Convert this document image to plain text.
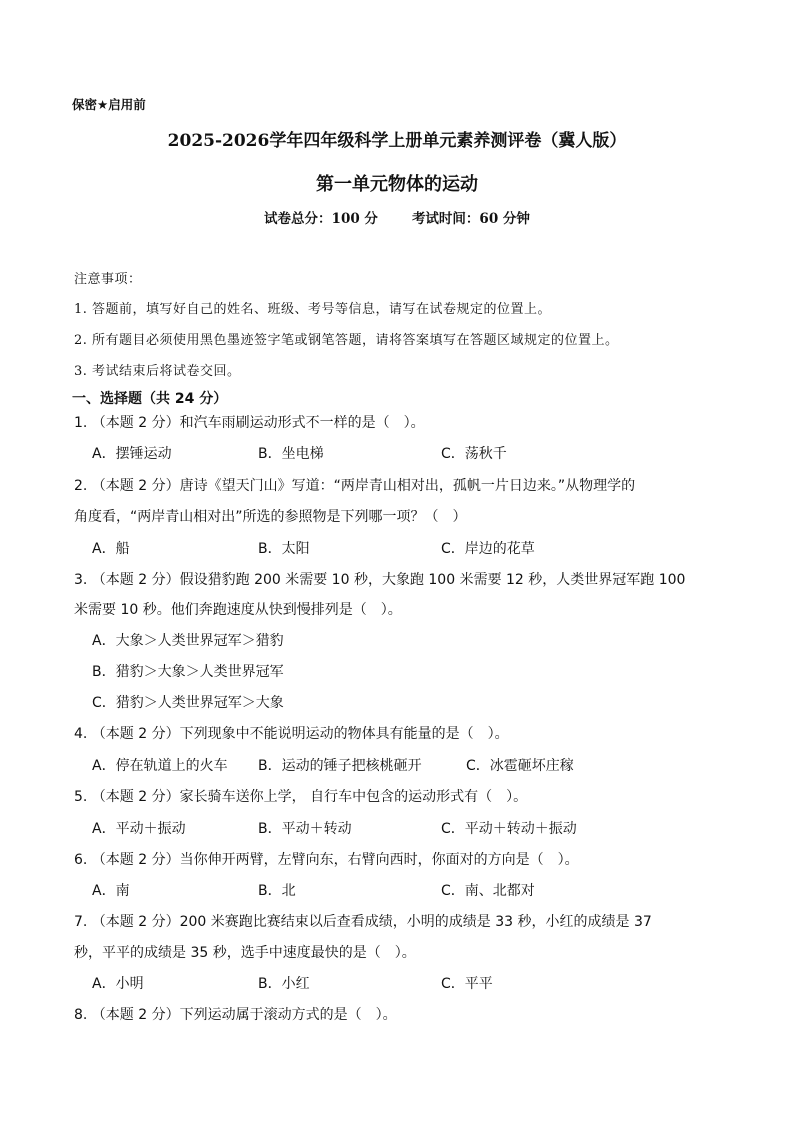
保密★启用前
2025-2026学年四年级科学上册单元素养测评卷（冀人版）
第一单元物体的运动
试卷总分：100 分	考试时间：60 分钟
注意事项：
1. 答题前，填写好自己的姓名、班级、考号等信息，请写在试卷规定的位置上。
2. 所有题目必须使用黑色墨迹签字笔或钢笔答题，请将答案填写在答题区域规定的位置上。
3. 考试结束后将试卷交回。
一、选择题（共 24 分）
1. （本题 2 分）和汽车雨刷运动形式不一样的是（　）。
A．摆锤运动	B．坐电梯	C．荡秋千
2. （本题 2 分）唐诗《望天门山》写道：“两岸青山相对出，孤帆一片日边来。”从物理学的
角度看，“两岸青山相对出”所选的参照物是下列哪一项？（　）
A．船	B．太阳	C．岸边的花草
3. （本题 2 分）假设猎豹跑 200 米需要 10 秒，大象跑 100 米需要 12 秒，人类世界冠军跑 100
米需要 10 秒。他们奔跑速度从快到慢排列是（　）。
A．大象＞人类世界冠军＞猎豹
B．猎豹＞大象＞人类世界冠军
C．猎豹＞人类世界冠军＞大象
4. （本题 2 分）下列现象中不能说明运动的物体具有能量的是（　）。
A．停在轨道上的火车 B．运动的锤子把核桃砸开	C．冰雹砸坏庄稼
5. （本题 2 分）家长骑车送你上学， 自行车中包含的运动形式有（　）。
A．平动＋振动	B．平动＋转动	C．平动＋转动＋振动
6. （本题 2 分）当你伸开两臂，左臂向东，右臂向西时，你面对的方向是（　）。
A．南	B．北	C．南、北都对
7. （本题 2 分）200 米赛跑比赛结束以后查看成绩，小明的成绩是 33 秒，小红的成绩是 37
秒，平平的成绩是 35 秒，选手中速度最快的是（　）。
A．小明	B．小红	C．平平
8. （本题 2 分）下列运动属于滚动方式的是（　）。
